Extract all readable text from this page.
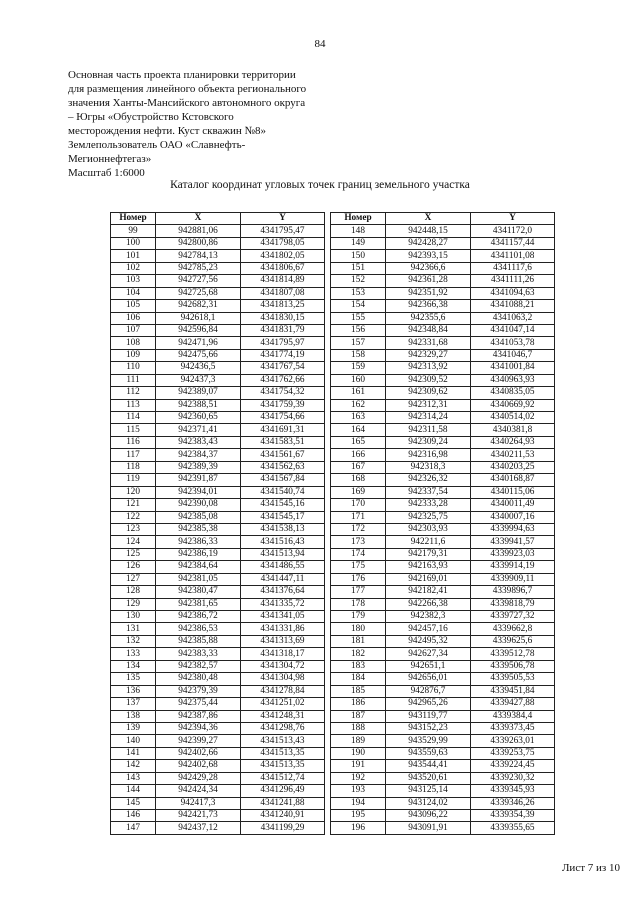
84
Основная часть проекта планировки территории
для размещения линейного объекта регионального
значения Ханты-Мансийского автономного округа
– Югры «Обустройство Кстовского
месторождения нефти. Куст скважин №8»
Землепользователь ОАО «Славнефть-
Мегионнефтегаз»
Масштаб 1:6000
Каталог координат угловых точек границ земельного участка
Номер	X	Y
99	942881,06	4341795,47
100	942800,86	4341798,05
101	942784,13	4341802,05
102	942785,23	4341806,67
103	942727,56	4341814,89
104	942725,68	4341807,08
105	942682,31	4341813,25
106	942618,1	4341830,15
107	942596,84	4341831,79
108	942471,96	4341795,97
109	942475,66	4341774,19
110	942436,5	4341767,54
111	942437,3	4341762,66
112	942389,07	4341754,32
113	942388,51	4341759,39
114	942360,65	4341754,66
115	942371,41	4341691,31
116	942383,43	4341583,51
117	942384,37	4341561,67
118	942389,39	4341562,63
119	942391,87	4341567,84
120	942394,01	4341540,74
121	942390,08	4341545,16
122	942385,08	4341545,17
123	942385,38	4341538,13
124	942386,33	4341516,43
125	942386,19	4341513,94
126	942384,64	4341486,55
127	942381,05	4341447,11
128	942380,47	4341376,64
129	942381,65	4341335,72
130	942386,72	4341341,05
131	942386,53	4341331,86
132	942385,88	4341313,69
133	942383,33	4341318,17
134	942382,57	4341304,72
135	942380,48	4341304,98
136	942379,39	4341278,84
137	942375,44	4341251,02
138	942387,86	4341248,31
139	942394,36	4341298,76
140	942399,27	4341513,43
141	942402,66	4341513,35
142	942402,68	4341513,35
143	942429,28	4341512,74
144	942424,34	4341296,49
145	942417,3	4341241,88
146	942421,73	4341240,91
147	942437,12	4341199,29
Номер	X	Y
148	942448,15	4341172,0
149	942428,27	4341157,44
150	942393,15	4341101,08
151	942366,6	4341117,6
152	942361,28	4341111,26
153	942351,92	4341094,63
154	942366,38	4341088,21
155	942355,6	4341063,2
156	942348,84	4341047,14
157	942331,68	4341053,78
158	942329,27	4341046,7
159	942313,92	4341001,84
160	942309,52	4340963,93
161	942309,62	4340835,05
162	942312,31	4340669,92
163	942314,24	4340514,02
164	942311,58	4340381,8
165	942309,24	4340264,93
166	942316,98	4340211,53
167	942318,3	4340203,25
168	942326,32	4340168,87
169	942337,54	4340115,06
170	942333,28	4340011,49
171	942325,75	4340007,16
172	942303,93	4339994,63
173	942211,6	4339941,57
174	942179,31	4339923,03
175	942163,93	4339914,19
176	942169,01	4339909,11
177	942182,41	4339896,7
178	942266,38	4339818,79
179	942382,3	4339727,32
180	942457,16	4339662,8
181	942495,32	4339625,6
182	942627,34	4339512,78
183	942651,1	4339506,78
184	942656,01	4339505,53
185	942876,7	4339451,84
186	942965,26	4339427,88
187	943119,77	4339384,4
188	943152,23	4339373,45
189	943529,99	4339263,01
190	943559,63	4339253,75
191	943544,41	4339224,45
192	943520,61	4339230,32
193	943125,14	4339345,93
194	943124,02	4339346,26
195	943096,22	4339354,39
196	943091,91	4339355,65
Лист 7 из 10
